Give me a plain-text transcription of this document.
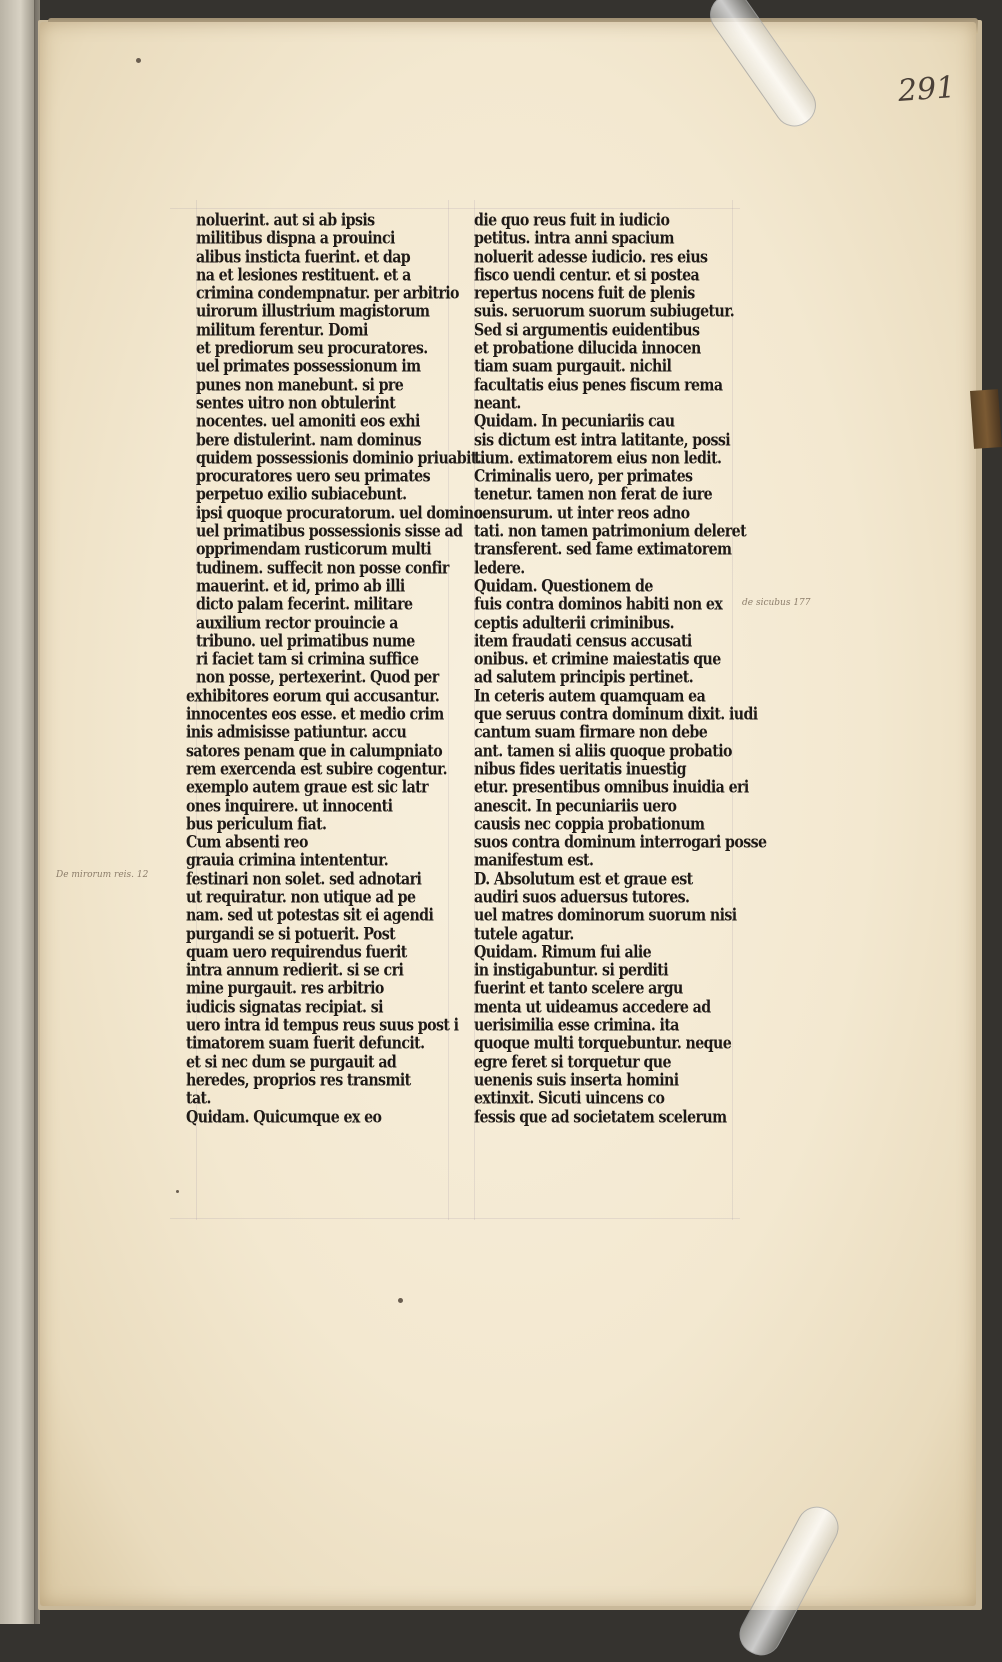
291
noluerint. aut si ab ipsis
militibus dispna a prouinci
alibus insticta fuerint. et dap
na et lesiones restituent. et a
crimina condempnatur. per arbitrio
uirorum illustrium magistorum
militum ferentur. Domi
et prediorum seu procuratores.
uel primates possessionum im
punes non manebunt. si pre
sentes uitro non obtulerint
nocentes. uel amoniti eos exhi
bere distulerint. nam dominus
quidem possessionis dominio priuabit.
procuratores uero seu primates
perpetuo exilio subiacebunt.
ipsi quoque procuratorum. uel domino.
uel primatibus possessionis sisse ad
opprimendam rusticorum multi
tudinem. suffecit non posse confir
mauerint. et id, primo ab illi
dicto palam fecerint. militare
auxilium rector prouincie a
tribuno. uel primatibus nume
ri faciet tam si crimina suffice
non posse, pertexerint. Quod per
exhibitores eorum qui accusantur.
innocentes eos esse. et medio crim
inis admisisse patiuntur. accu
satores penam que in calumpniato
rem exercenda est subire cogentur.
exemplo autem graue est sic latr
ones inquirere. ut innocenti
bus periculum fiat.
Cum absenti reo
grauia crimina intententur.
festinari non solet. sed adnotari
ut requiratur. non utique ad pe
nam. sed ut potestas sit ei agendi
purgandi se si potuerit. Post
quam uero requirendus fuerit
intra annum redierit. si se cri
mine purgauit. res arbitrio
iudicis signatas recipiat. si
uero intra id tempus reus suus post i
timatorem suam fuerit defuncit.
et si nec dum se purgauit ad
heredes, proprios res transmit
tat.
Quidam. Quicumque ex eo
die quo reus fuit in iudicio
petitus. intra anni spacium
noluerit adesse iudicio. res eius
fisco uendi centur. et si postea
repertus nocens fuit de plenis
suis. seruorum suorum subiugetur.
Sed si argumentis euidentibus
et probatione dilucida innocen
tiam suam purgauit. nichil
facultatis eius penes fiscum rema
neant.
Quidam. In pecuniariis cau
sis dictum est intra latitante, possi
tium. extimatorem eius non ledit.
Criminalis uero, per primates
tenetur. tamen non ferat de iure
censurum. ut inter reos adno
tati. non tamen patrimonium deleret
transferent. sed fame extimatorem
ledere.
Quidam. Questionem de
fuis contra dominos habiti non ex
ceptis adulterii criminibus.
item fraudati census accusati
onibus. et crimine maiestatis que
ad salutem principis pertinet.
In ceteris autem quamquam ea
que seruus contra dominum dixit. iudi
cantum suam firmare non debe
ant. tamen si aliis quoque probatio
nibus fides ueritatis inuestig
etur. presentibus omnibus inuidia eri
anescit. In pecuniariis uero
causis nec coppia probationum
suos contra dominum interrogari posse
manifestum est.
D. Absolutum est et graue est
audiri suos aduersus tutores.
uel matres dominorum suorum nisi
tutele agatur.
Quidam. Rimum fui alie
in instigabuntur. si perditi
fuerint et tanto scelere argu
menta ut uideamus accedere ad
uerisimilia esse crimina. ita
quoque multi torquebuntur. neque
egre feret si torquetur que
uenenis suis inserta homini
extinxit. Sicuti uincens co
fessis que ad societatem scelerum
De mirorum reis. 12
de sicubus 177
